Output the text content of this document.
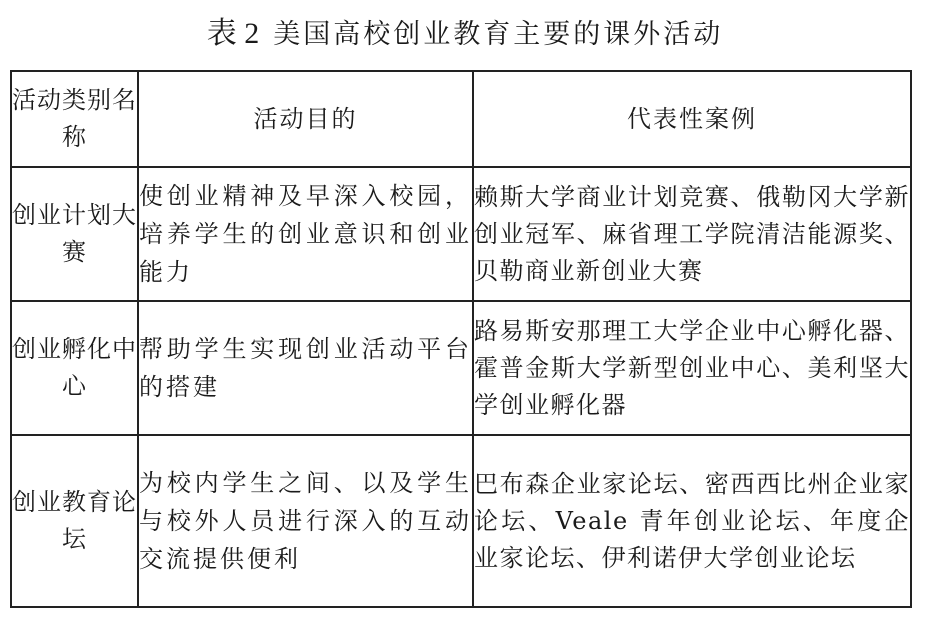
表 2 美国高校创业教育主要的课外活动
活动类别名称	活动目的	代表性案例
创业计划大赛	使创业精神及早深入校园，培养学生的创业意识和创业能力	赖斯大学商业计划竞赛、俄勒冈大学新创业冠军、麻省理工学院清洁能源奖、贝勒商业新创业大赛
创业孵化中心	帮助学生实现创业活动平台的搭建	路易斯安那理工大学企业中心孵化器、霍普金斯大学新型创业中心、美利坚大学创业孵化器
创业教育论坛	为校内学生之间、以及学生与校外人员进行深入的互动交流提供便利	巴布森企业家论坛、密西西比州企业家论坛、Veale 青年创业论坛、年度企业家论坛、伊利诺伊大学创业论坛
